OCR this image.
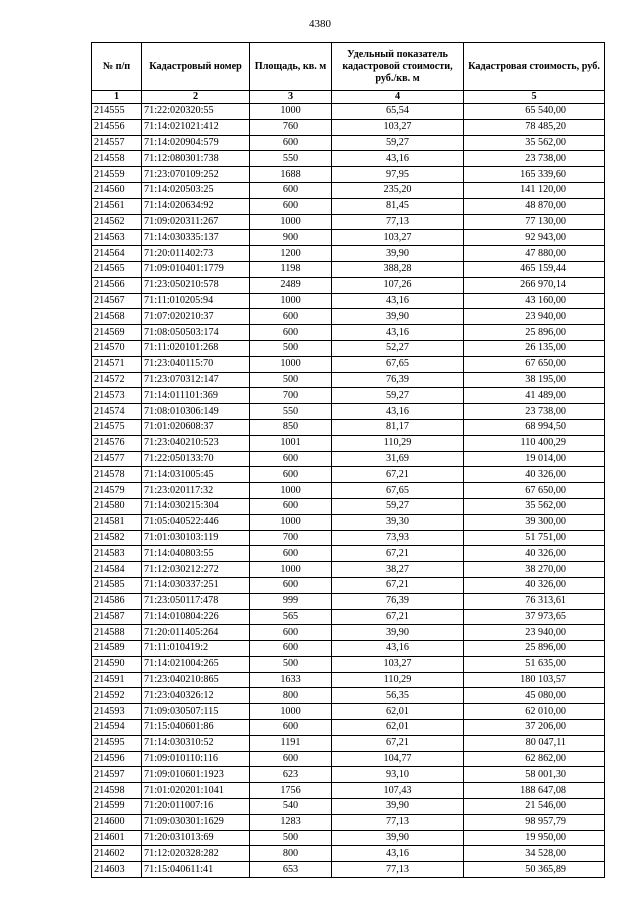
4380
№ п/п	Кадастровый номер	Площадь, кв. м	Удельный показатель кадастровой стоимости, руб./кв. м	Кадастровая стоимость, руб.
1	2	3	4	5
214555	71:22:020320:55	1000	65,54	65 540,00
214556	71:14:021021:412	760	103,27	78 485,20
214557	71:14:020904:579	600	59,27	35 562,00
214558	71:12:080301:738	550	43,16	23 738,00
214559	71:23:070109:252	1688	97,95	165 339,60
214560	71:14:020503:25	600	235,20	141 120,00
214561	71:14:020634:92	600	81,45	48 870,00
214562	71:09:020311:267	1000	77,13	77 130,00
214563	71:14:030335:137	900	103,27	92 943,00
214564	71:20:011402:73	1200	39,90	47 880,00
214565	71:09:010401:1779	1198	388,28	465 159,44
214566	71:23:050210:578	2489	107,26	266 970,14
214567	71:11:010205:94	1000	43,16	43 160,00
214568	71:07:020210:37	600	39,90	23 940,00
214569	71:08:050503:174	600	43,16	25 896,00
214570	71:11:020101:268	500	52,27	26 135,00
214571	71:23:040115:70	1000	67,65	67 650,00
214572	71:23:070312:147	500	76,39	38 195,00
214573	71:14:011101:369	700	59,27	41 489,00
214574	71:08:010306:149	550	43,16	23 738,00
214575	71:01:020608:37	850	81,17	68 994,50
214576	71:23:040210:523	1001	110,29	110 400,29
214577	71:22:050133:70	600	31,69	19 014,00
214578	71:14:031005:45	600	67,21	40 326,00
214579	71:23:020117:32	1000	67,65	67 650,00
214580	71:14:030215:304	600	59,27	35 562,00
214581	71:05:040522:446	1000	39,30	39 300,00
214582	71:01:030103:119	700	73,93	51 751,00
214583	71:14:040803:55	600	67,21	40 326,00
214584	71:12:030212:272	1000	38,27	38 270,00
214585	71:14:030337:251	600	67,21	40 326,00
214586	71:23:050117:478	999	76,39	76 313,61
214587	71:14:010804:226	565	67,21	37 973,65
214588	71:20:011405:264	600	39,90	23 940,00
214589	71:11:010419:2	600	43,16	25 896,00
214590	71:14:021004:265	500	103,27	51 635,00
214591	71:23:040210:865	1633	110,29	180 103,57
214592	71:23:040326:12	800	56,35	45 080,00
214593	71:09:030507:115	1000	62,01	62 010,00
214594	71:15:040601:86	600	62,01	37 206,00
214595	71:14:030310:52	1191	67,21	80 047,11
214596	71:09:010110:116	600	104,77	62 862,00
214597	71:09:010601:1923	623	93,10	58 001,30
214598	71:01:020201:1041	1756	107,43	188 647,08
214599	71:20:011007:16	540	39,90	21 546,00
214600	71:09:030301:1629	1283	77,13	98 957,79
214601	71:20:031013:69	500	39,90	19 950,00
214602	71:12:020328:282	800	43,16	34 528,00
214603	71:15:040611:41	653	77,13	50 365,89
